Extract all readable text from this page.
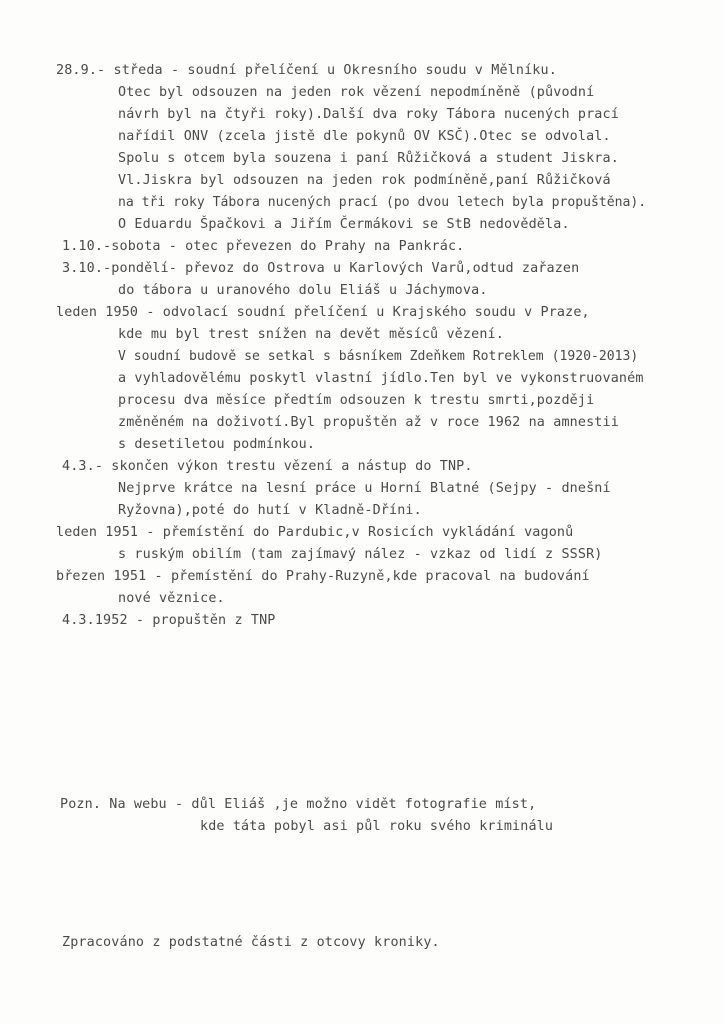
28.9.- středa - soudní přelíčení u Okresního soudu v Mělníku.
Otec byl odsouzen na jeden rok vězení nepodmíněně (původní
návrh byl na čtyři roky).Další dva roky Tábora nucených prací
nařídil ONV (zcela jistě dle pokynů OV KSČ).Otec se odvolal.
Spolu s otcem byla souzena i paní Růžičková a student Jiskra.
Vl.Jiskra byl odsouzen na jeden rok podmíněně,paní Růžičková
na tři roky Tábora nucených prací (po dvou letech byla propuštěna).
O Eduardu Špačkovi a Jiřím Čermákovi se StB nedověděla.
1.10.-sobota - otec převezen do Prahy na Pankrác.
3.10.-pondělí- převoz do Ostrova u Karlových Varů,odtud zařazen
do tábora u uranového dolu Eliáš u Jáchymova.
leden 1950 - odvolací soudní přelíčení u Krajského soudu v Praze,
kde mu byl trest snížen na devět měsíců vězení.
V soudní budově se setkal s básníkem Zdeňkem Rotreklem (1920-2013)
a vyhladovělému poskytl vlastní jídlo.Ten byl ve vykonstruovaném
procesu dva měsíce předtím odsouzen k trestu smrti,později
změněném na doživotí.Byl propuštěn až v roce 1962 na amnestii
s desetiletou podmínkou.
4.3.- skončen výkon trestu vězení a nástup do TNP.
Nejprve krátce na lesní práce u Horní Blatné (Sejpy - dnešní
Ryžovna),poté do hutí v Kladně-Dříni.
leden 1951 - přemístění do Pardubic,v Rosicích vykládání vagonů
s ruským obilím (tam zajímavý nález - vzkaz od lidí z SSSR)
březen 1951 - přemístění do Prahy-Ruzyně,kde pracoval na budování
nové věznice.
4.3.1952 - propuštěn z TNP
Pozn. Na webu - důl Eliáš ,je možno vidět fotografie míst,
kde táta pobyl asi půl roku svého kriminálu
Zpracováno z podstatné části z otcovy kroniky.
